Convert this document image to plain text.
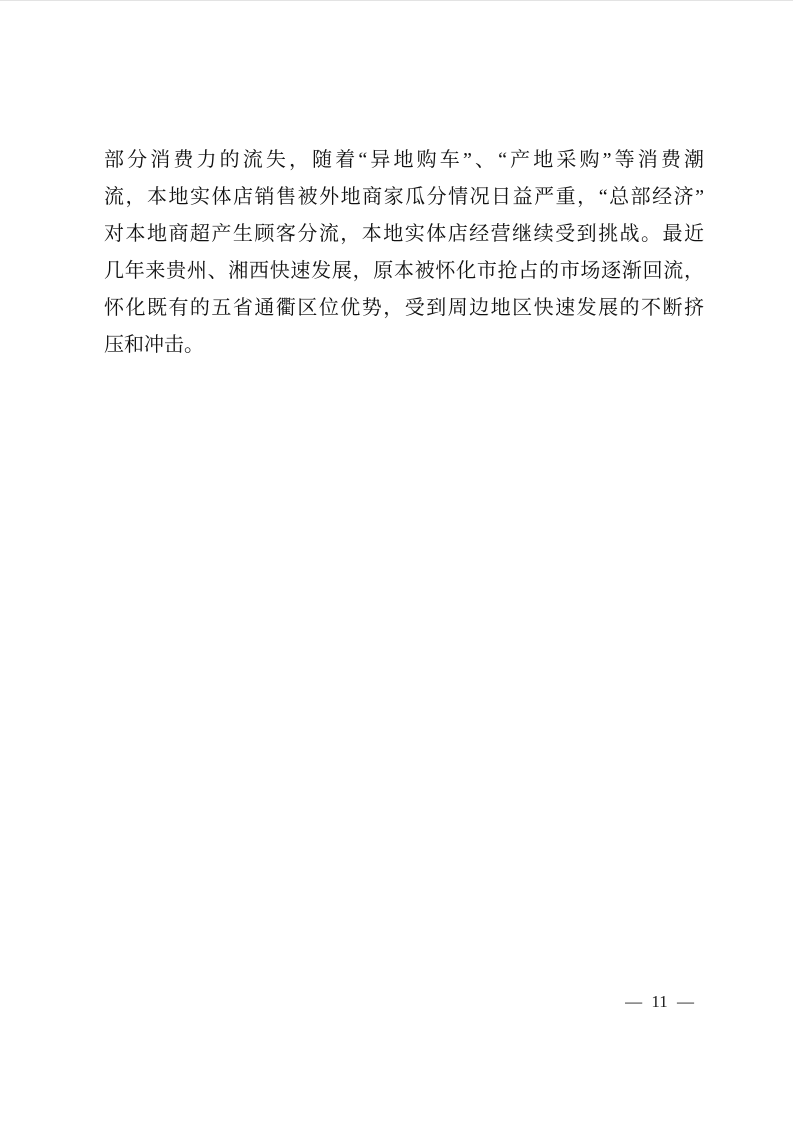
部分消费力的流失，随着“异地购车”、“产地采购”等消费潮
流，本地实体店销售被外地商家瓜分情况日益严重，“总部经济”
对本地商超产生顾客分流，本地实体店经营继续受到挑战。最近
几年来贵州、湘西快速发展，原本被怀化市抢占的市场逐渐回流，
怀化既有的五省通衢区位优势，受到周边地区快速发展的不断挤
压和冲击。
— 11 —
